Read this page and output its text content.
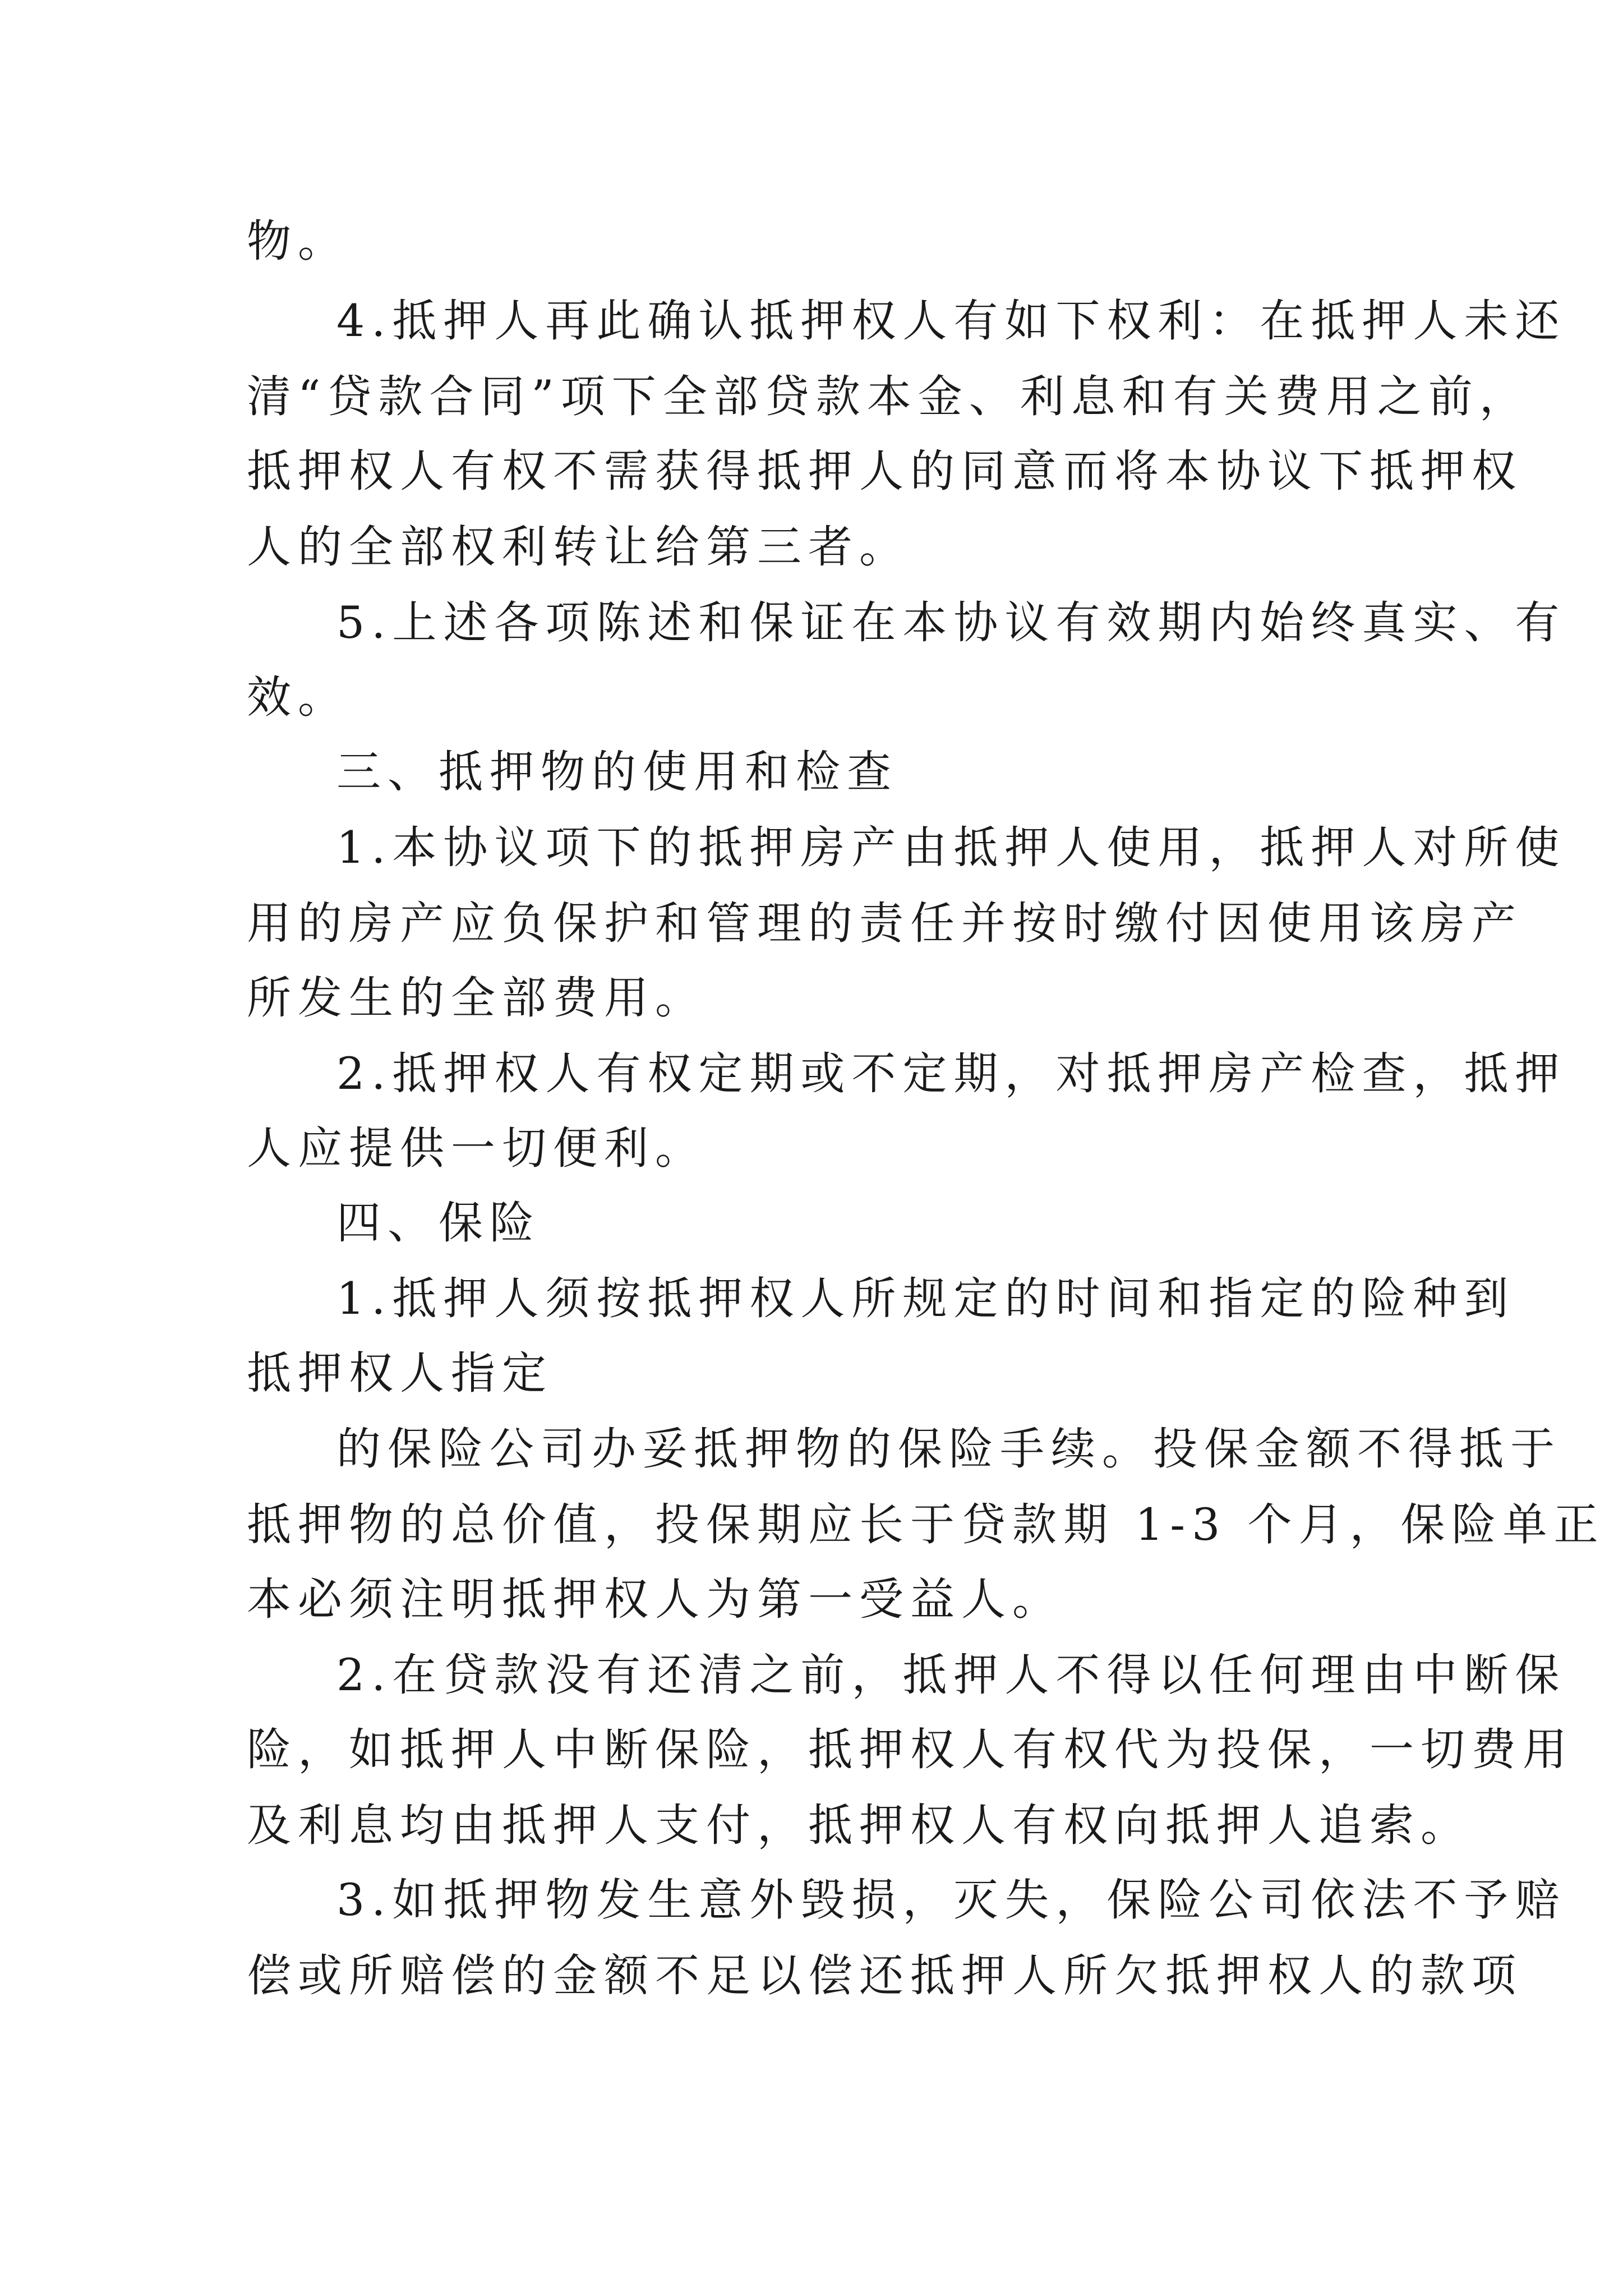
物。
4.抵押人再此确认抵押权人有如下权利：在抵押人未还
清“贷款合同”项下全部贷款本金、利息和有关费用之前，
抵押权人有权不需获得抵押人的同意而将本协议下抵押权
人的全部权利转让给第三者。
5.上述各项陈述和保证在本协议有效期内始终真实、有
效。
三、抵押物的使用和检查
1.本协议项下的抵押房产由抵押人使用，抵押人对所使
用的房产应负保护和管理的责任并按时缴付因使用该房产
所发生的全部费用。
2.抵押权人有权定期或不定期，对抵押房产检查，抵押
人应提供一切便利。
四、保险
1.抵押人须按抵押权人所规定的时间和指定的险种到
抵押权人指定
的保险公司办妥抵押物的保险手续。投保金额不得抵于
抵押物的总价值，投保期应长于贷款期 1-3 个月，保险单正
本必须注明抵押权人为第一受益人。
2.在贷款没有还清之前，抵押人不得以任何理由中断保
险，如抵押人中断保险，抵押权人有权代为投保，一切费用
及利息均由抵押人支付，抵押权人有权向抵押人追索。
3.如抵押物发生意外毁损，灭失，保险公司依法不予赔
偿或所赔偿的金额不足以偿还抵押人所欠抵押权人的款项
